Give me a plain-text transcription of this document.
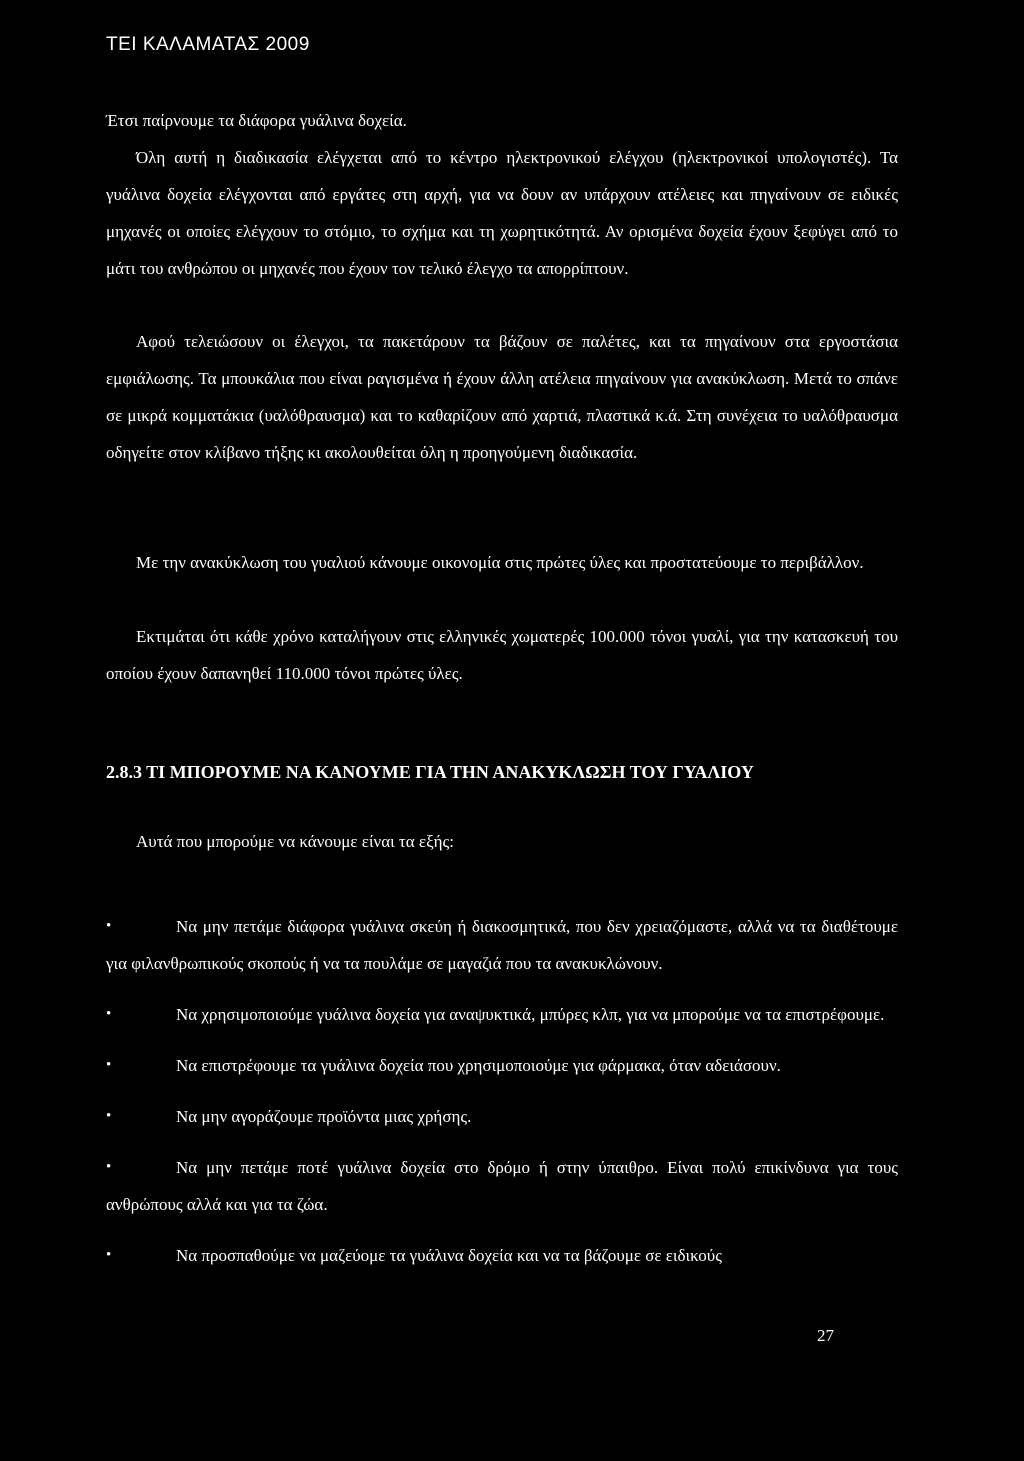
ΤΕΙ ΚΑΛΑΜΑΤΑΣ 2009

Έτσι παίρνουμε τα διάφορα γυάλινα δοχεία.

Όλη αυτή η διαδικασία ελέγχεται από το κέντρο ηλεκτρονικού ελέγχου (ηλεκτρονικοί υπολογιστές). Τα γυάλινα δοχεία ελέγχονται από εργάτες στη αρχή, για να δουν αν υπάρχουν ατέλειες και πηγαίνουν σε ειδικές μηχανές οι οποίες ελέγχουν το στόμιο, το σχήμα και τη χωρητικότητά. Αν ορισμένα δοχεία έχουν ξεφύγει από το μάτι του ανθρώπου οι μηχανές που έχουν τον τελικό έλεγχο τα απορρίπτουν.

Αφού τελειώσουν οι έλεγχοι, τα πακετάρουν τα βάζουν σε παλέτες, και τα πηγαίνουν στα εργοστάσια εμφιάλωσης. Τα μπουκάλια που είναι ραγισμένα ή έχουν άλλη ατέλεια πηγαίνουν για ανακύκλωση. Μετά το σπάνε σε μικρά κομματάκια (υαλόθραυσμα) και το καθαρίζουν από χαρτιά, πλαστικά κ.ά. Στη συνέχεια το υαλόθραυσμα οδηγείτε στον κλίβανο τήξης κι ακολουθείται όλη η προηγούμενη διαδικασία.

Με την ανακύκλωση του γυαλιού κάνουμε οικονομία στις πρώτες ύλες και προστατεύουμε το περιβάλλον.

Εκτιμάται ότι κάθε χρόνο καταλήγουν στις ελληνικές χωματερές 100.000 τόνοι γυαλί, για την κατασκευή του οποίου έχουν δαπανηθεί 110.000 τόνοι πρώτες ύλες.

2.8.3 ΤΙ ΜΠΟΡΟΥΜΕ ΝΑ ΚΑΝΟΥΜΕ ΓΙΑ ΤΗΝ ΑΝΑΚΥΚΛΩΣΗ ΤΟΥ ΓΥΑΛΙΟΥ

Αυτά που μπορούμε να κάνουμε είναι τα εξής:

• Να μην πετάμε διάφορα γυάλινα σκεύη ή διακοσμητικά, που δεν χρειαζόμαστε, αλλά να τα διαθέτουμε για φιλανθρωπικούς σκοπούς ή να τα πουλάμε σε μαγαζιά που τα ανακυκλώνουν.
• Να χρησιμοποιούμε γυάλινα δοχεία για αναψυκτικά, μπύρες κλπ, για να μπορούμε να τα επιστρέφουμε.
• Να επιστρέφουμε τα γυάλινα δοχεία που χρησιμοποιούμε για φάρμακα, όταν αδειάσουν.
• Να μην αγοράζουμε προϊόντα μιας χρήσης.
• Να μην πετάμε ποτέ γυάλινα δοχεία στο δρόμο ή στην ύπαιθρο. Είναι πολύ επικίνδυνα για τους ανθρώπους αλλά και για τα ζώα.
• Να προσπαθούμε να μαζεύομε τα γυάλινα δοχεία και να τα βάζουμε σε ειδικούς
27
